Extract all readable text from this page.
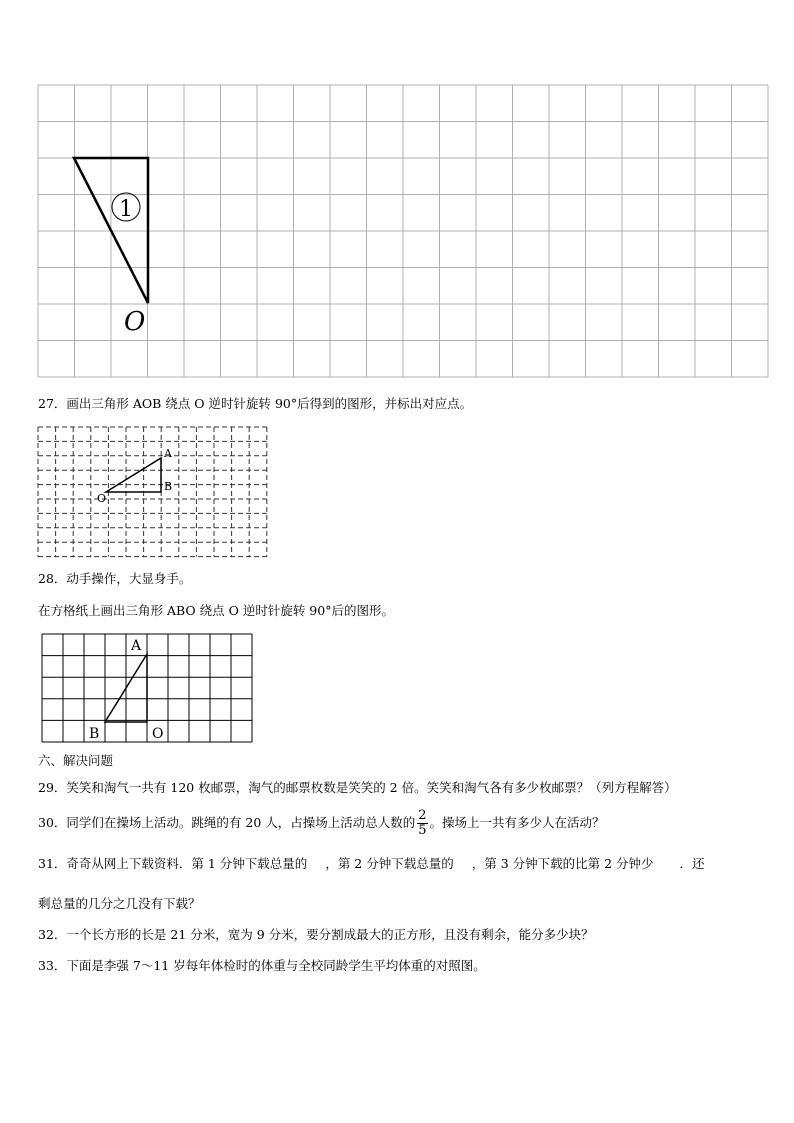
1
O
27．画出三角形 AOB 绕点 O 逆时针旋转 90°后得到的图形，并标出对应点。
A
B
O
28．动手操作，大显身手。
在方格纸上画出三角形 ABO 绕点 O 逆时针旋转 90°后的图形。
A
B	O
六、解决问题
29．笑笑和淘气一共有 120 枚邮票，淘气的邮票枚数是笑笑的 2 倍。笑笑和淘气各有多少枚邮票？（列方程解答）
30．同学们在操场上活动。跳绳的有 20 人，占操场上活动总人数的 $\frac{2}{5}$ 。操场上一共有多少人在活动？
31．奇奇从网上下载资料．第 1 分钟下载总量的 ，第 2 分钟下载总量的 ，第 3 分钟下载的比第 2 分钟少 ．还
剩总量的几分之几没有下载？
32．一个长方形的长是 21 分米，宽为 9 分米，要分割成最大的正方形，且没有剩余，能分多少块？
33．下面是李强 7～11 岁每年体检时的体重与全校同龄学生平均体重的对照图。
